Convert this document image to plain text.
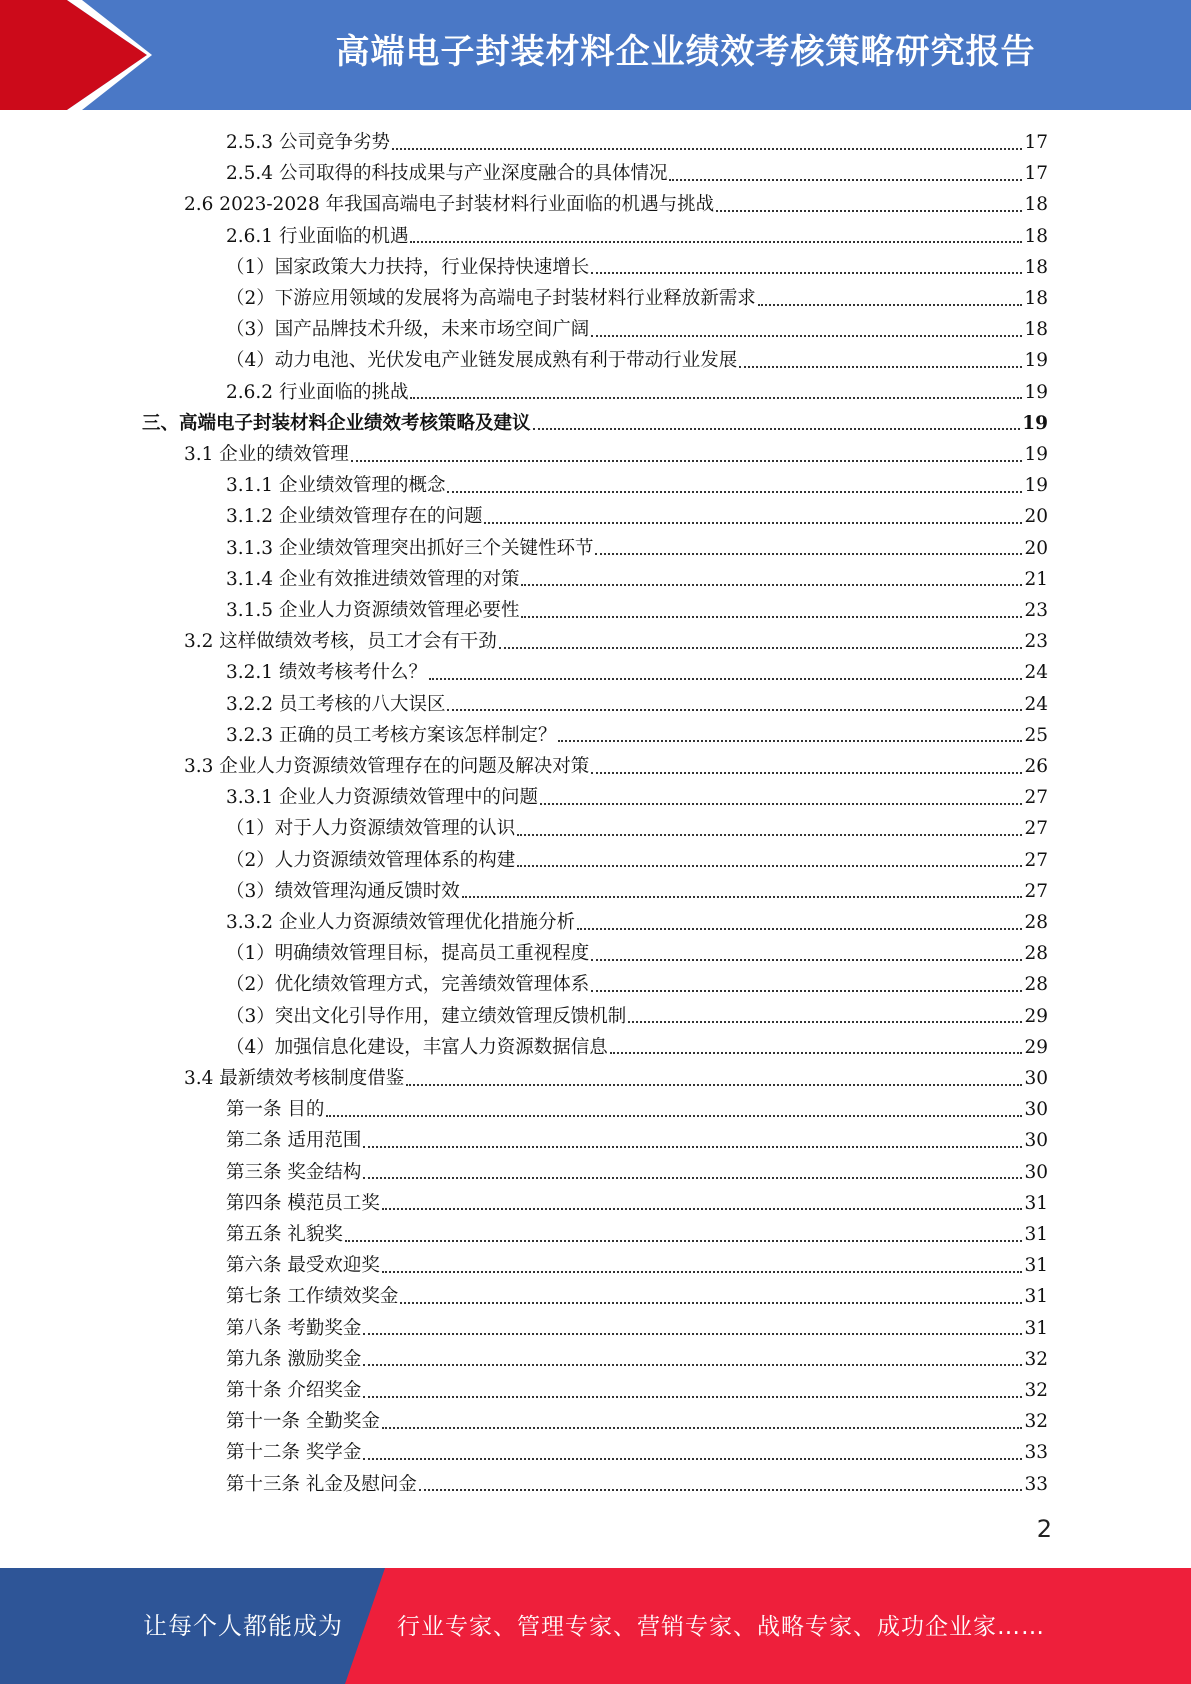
高端电子封装材料企业绩效考核策略研究报告
2.5.3 公司竞争劣势	17
2.5.4 公司取得的科技成果与产业深度融合的具体情况	17
2.6 2023-2028 年我国高端电子封装材料行业面临的机遇与挑战	18
2.6.1 行业面临的机遇	18
（1）国家政策大力扶持，行业保持快速增长	18
（2）下游应用领域的发展将为高端电子封装材料行业释放新需求	18
（3）国产品牌技术升级，未来市场空间广阔	18
（4）动力电池、光伏发电产业链发展成熟有利于带动行业发展	19
2.6.2 行业面临的挑战	19
三、高端电子封装材料企业绩效考核策略及建议	19
3.1 企业的绩效管理	19
3.1.1 企业绩效管理的概念	19
3.1.2 企业绩效管理存在的问题	20
3.1.3 企业绩效管理突出抓好三个关键性环节	20
3.1.4 企业有效推进绩效管理的对策	21
3.1.5 企业人力资源绩效管理必要性	23
3.2 这样做绩效考核，员工才会有干劲	23
3.2.1 绩效考核考什么？	24
3.2.2 员工考核的八大误区	24
3.2.3 正确的员工考核方案该怎样制定？	25
3.3 企业人力资源绩效管理存在的问题及解决对策	26
3.3.1 企业人力资源绩效管理中的问题	27
（1）对于人力资源绩效管理的认识	27
（2）人力资源绩效管理体系的构建	27
（3）绩效管理沟通反馈时效	27
3.3.2 企业人力资源绩效管理优化措施分析	28
（1）明确绩效管理目标，提高员工重视程度	28
（2）优化绩效管理方式，完善绩效管理体系	28
（3）突出文化引导作用，建立绩效管理反馈机制	29
（4）加强信息化建设，丰富人力资源数据信息	29
3.4 最新绩效考核制度借鉴	30
第一条 目的	30
第二条 适用范围	30
第三条 奖金结构	30
第四条 模范员工奖	31
第五条 礼貌奖	31
第六条 最受欢迎奖	31
第七条 工作绩效奖金	31
第八条 考勤奖金	31
第九条 激励奖金	32
第十条 介绍奖金	32
第十一条 全勤奖金	32
第十二条 奖学金	33
第十三条 礼金及慰问金	33
2
让每个人都能成为 行业专家、管理专家、营销专家、战略专家、成功企业家……
